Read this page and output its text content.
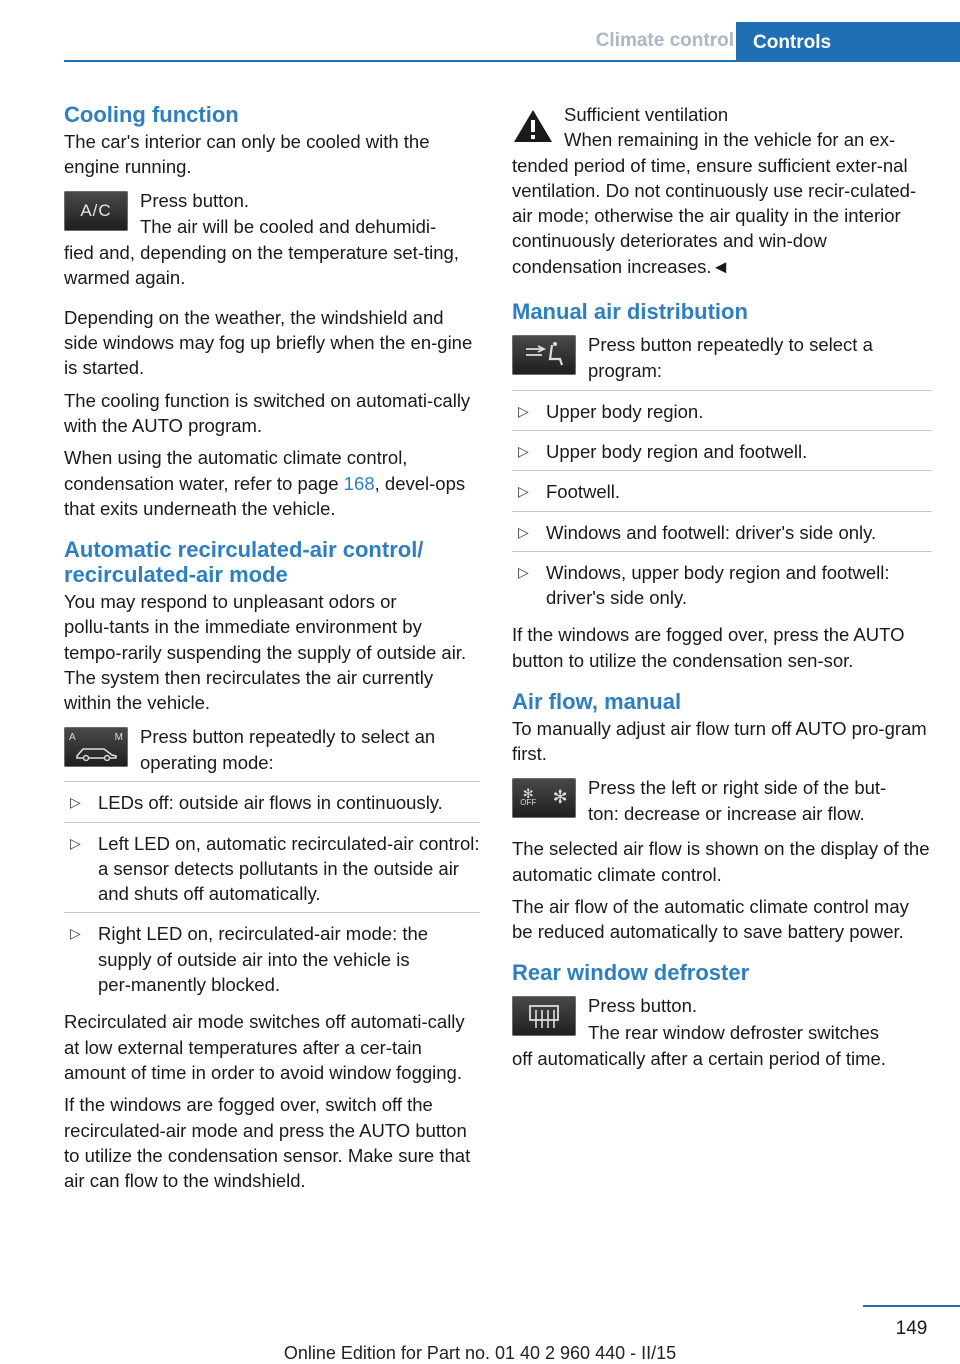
Climate control	Controls
Cooling function

The car's interior can only be cooled with the engine running.

A/C Press button.
The air will be cooled and dehumidi‑

fied and, depending on the temperature set‑ting, warmed again.

Depending on the weather, the windshield and side windows may fog up briefly when the en‑gine is started.

The cooling function is switched on automati‑cally with the AUTO program.

When using the automatic climate control, condensation water, refer to page 168, devel‑ops that exits underneath the vehicle.

Automatic recirculated-air control/ recirculated-air mode

You may respond to unpleasant odors or pollu‑tants in the immediate environment by tempo‑rarily suspending the supply of outside air. The system then recirculates the air currently within the vehicle.

A	M Press button repeatedly to select an
operating mode:
▷ LEDs off: outside air flows in continuously.
▷ Left LED on, automatic recirculated-air control: a sensor detects pollutants in the outside air and shuts off automatically.
▷ Right LED on, recirculated-air mode: the supply of outside air into the vehicle is per‑manently blocked.

Recirculated air mode switches off automati‑cally at low external temperatures after a cer‑tain amount of time in order to avoid window fogging.

If the windows are fogged over, switch off the recirculated-air mode and press the AUTO button to utilize the condensation sensor. Make sure that air can flow to the windshield.

Sufficient ventilation
When remaining in the vehicle for an ex‑
tended period of time, ensure sufficient exter‑nal ventilation. Do not continuously use recir‑culated-air mode; otherwise the air quality in the interior continuously deteriorates and win‑dow condensation increases.◄
Manual air distribution
Press button repeatedly to select a
program:
▷ Upper body region.
▷ Upper body region and footwell.
▷ Footwell.
▷ Windows and footwell: driver's side only.
▷ Windows, upper body region and footwell: driver's side only.

If the windows are fogged over, press the AUTO button to utilize the condensation sen‑sor.

Air flow, manual

To manually adjust air flow turn off AUTO pro‑gram first.

✻
OFF ✻ Press the left or right side of the but‑
ton: decrease or increase air flow.

The selected air flow is shown on the display of the automatic climate control.

The air flow of the automatic climate control may be reduced automatically to save battery power.

Rear window defroster
Press button.
The rear window defroster switches

off automatically after a certain period of time.

149
Online Edition for Part no. 01 40 2 960 440 - II/15
